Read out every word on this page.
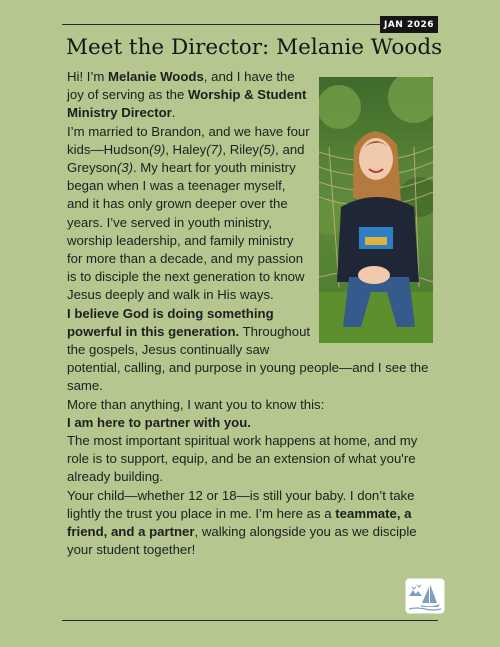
JAN 2026
Meet the Director: Melanie Woods

Hi! I’m Melanie Woods, and I have the joy of serving as the Worship & Student Ministry Director.

I’m married to Brandon, and we have four kids—Hudson(9), Haley(7), Riley(5), and Greyson(3). My heart for youth ministry began when I was a teenager myself, and it has only grown deeper over the years. I’ve served in youth ministry, worship leadership, and family ministry for more than a decade, and my passion is to disciple the next generation to know Jesus deeply and walk in His ways.

I believe God is doing something powerful in this generation. Throughout the gospels, Jesus continually saw potential, calling, and purpose in young people—and I see the same.

More than anything, I want you to know this:

I am here to partner with you.

The most important spiritual work happens at home, and my role is to support, equip, and be an extension of what you're already building.

Your child—whether 12 or 18—is still your baby. I don’t take lightly the trust you place in me. I’m here as a teammate, a friend, and a partner, walking alongside you as we disciple your student together!
